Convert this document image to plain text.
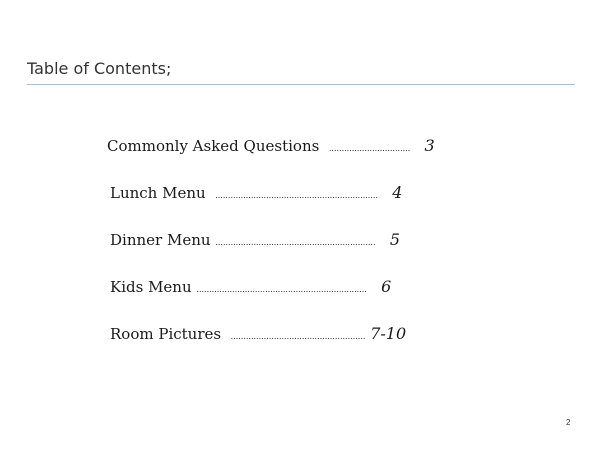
Table of Contents;
Commonly Asked Questions ................................ 3
Lunch Menu ................................................................ 4
Dinner Menu ............................................................... 5
Kids Menu ................................................................... 6
Room Pictures ..................................................... 7-10
2
